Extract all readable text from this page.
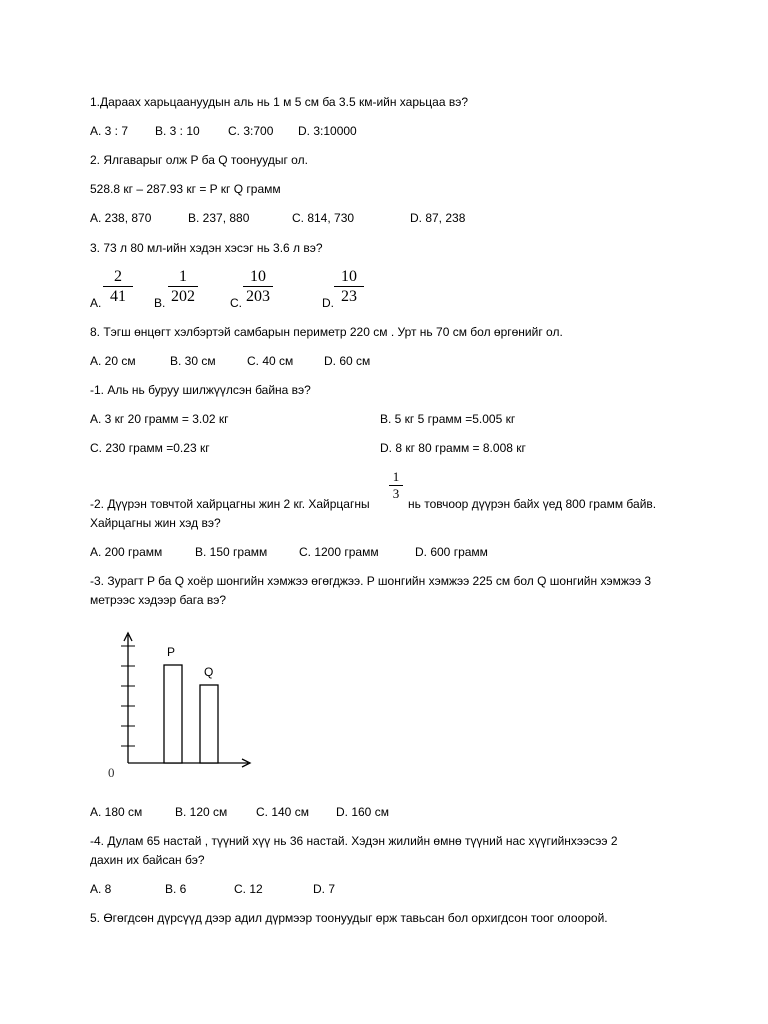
1.Дараах харьцаануудын аль нь 1 м 5 см ба 3.5 км-ийн харьцаа вэ?
A. 3 : 7 B. 3 : 10 C. 3:700 D. 3:10000
2. Ялгаварыг олж P ба Q тоонуудыг ол.
528.8 кг – 287.93 кг = P кг Q грамм
A. 238, 870	B. 237, 880	C. 814, 730	D. 87, 238
3. 73 л 80 мл-ийн хэдэн хэсэг нь 3.6 л вэ?
A.
2
41	B.
1
202	C.
10
203	D.
10
23
8. Тэгш өнцөгт хэлбэртэй самбарын периметр 220 см . Урт нь 70 см бол өргөнийг ол.
A. 20 см	B. 30 см	C. 40 см	D. 60 см
-1. Аль нь буруу шилжүүлсэн байна вэ?
A. 3 кг 20 грамм = 3.02 кг	B. 5 кг 5 грамм =5.005 кг
C. 230 грамм =0.23 кг	D. 8 кг 80 грамм = 8.008 кг
-2. Дүүрэн товчтой хайрцагны жин 2 кг. Хайрцагны
1
3
нь товчоор дүүрэн байх үед 800 грамм байв.
Хайрцагны жин хэд вэ?
A. 200 грамм	B. 150 грамм	C. 1200 грамм	D. 600 грамм
-3. Зурагт P ба Q хоёр шонгийн хэмжээ өгөгджээ. P шонгийн хэмжээ 225 см бол Q шонгийн хэмжээ 3
метрээс хэдээр бага вэ?
P
Q
0
A. 180 см	B. 120 см C. 140 см D. 160 см
-4. Дулам 65 настай , түүний хүү нь 36 настай. Хэдэн жилийн өмнө түүний нас хүүгийнхээсээ 2
дахин их байсан бэ?
A. 8	B. 6	C. 12	D. 7
5. Өгөгдсөн дүрсүүд дээр адил дүрмээр тоонуудыг өрж тавьсан бол орхигдсон тоог олоорой.
